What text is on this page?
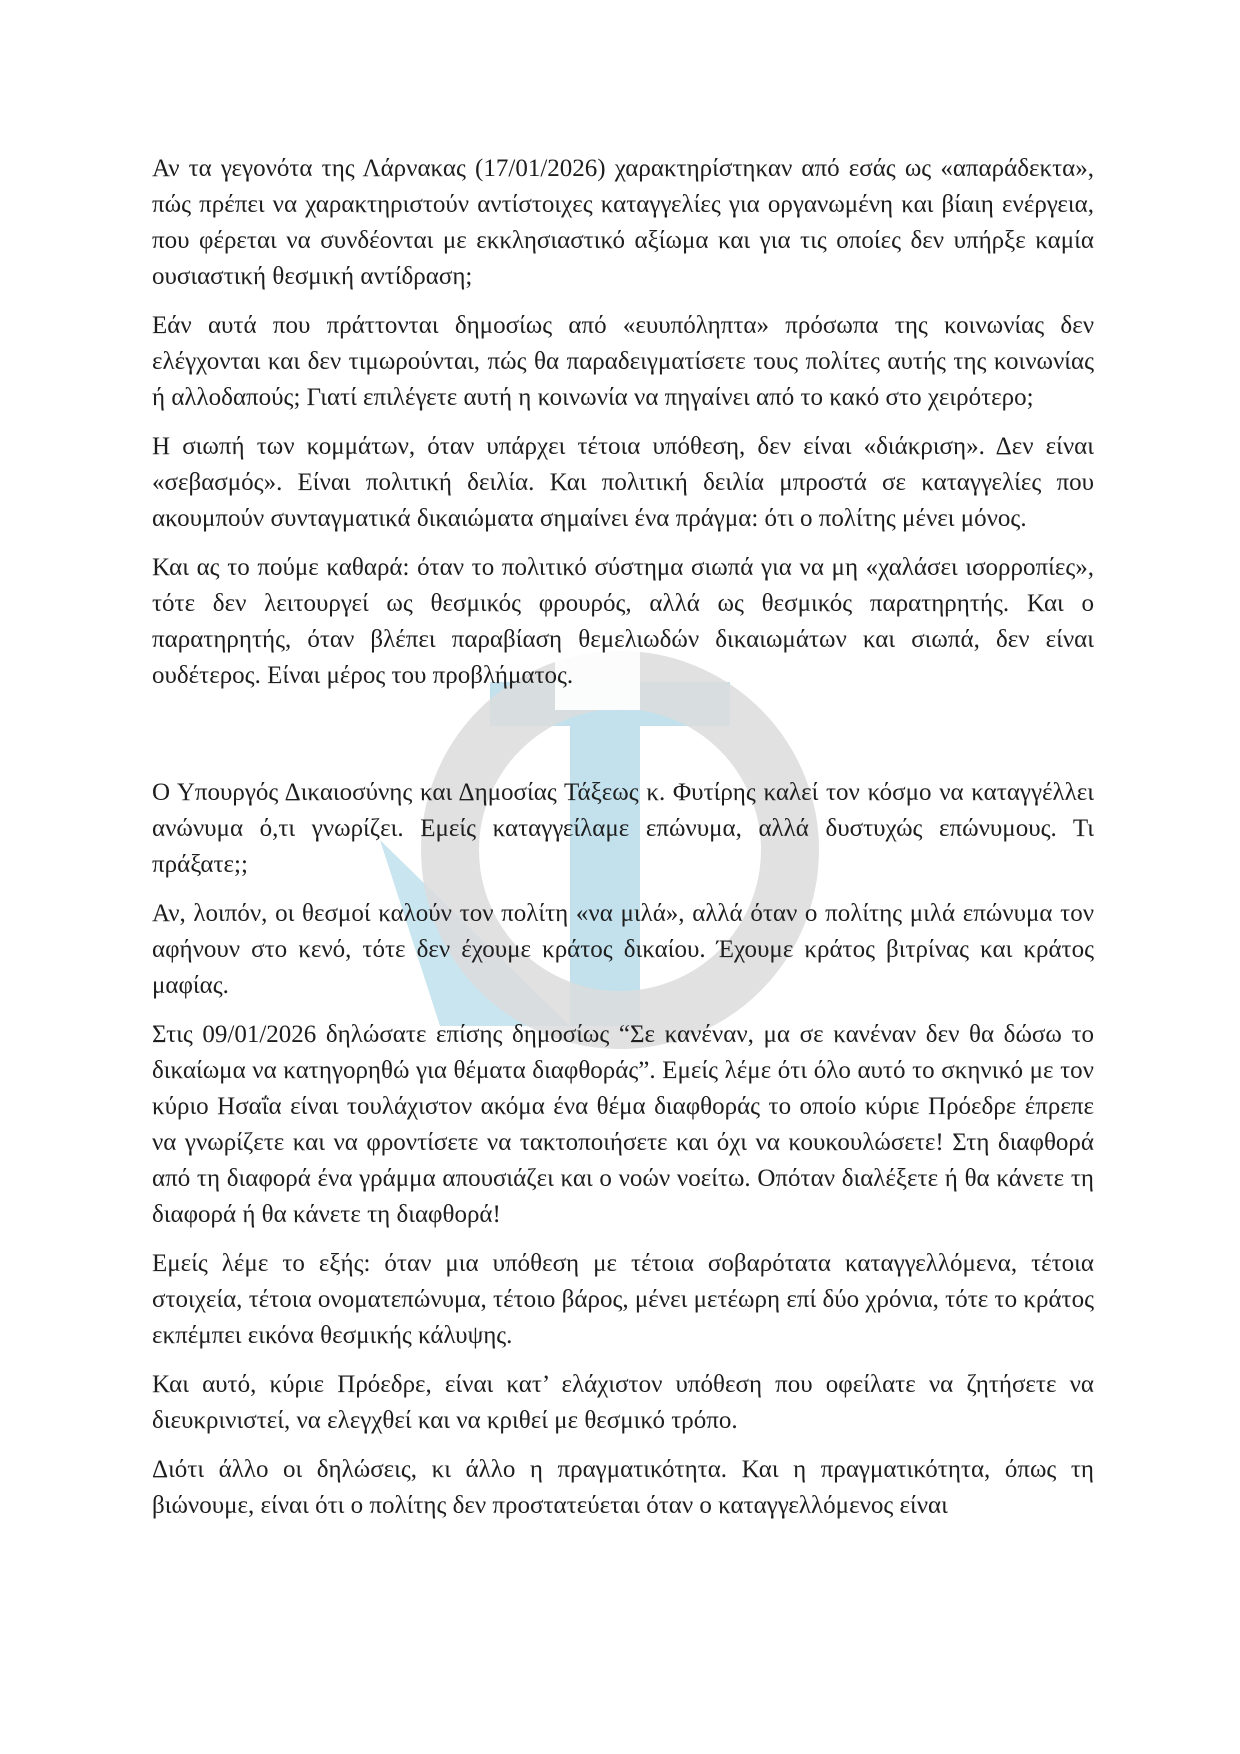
Αν τα γεγονότα της Λάρνακας (17/01/2026) χαρακτηρίστηκαν από εσάς ως «απαράδεκτα», πώς πρέπει να χαρακτηριστούν αντίστοιχες καταγγελίες για οργανωμένη και βίαιη ενέργεια, που φέρεται να συνδέονται με εκκλησιαστικό αξίωμα και για τις οποίες δεν υπήρξε καμία ουσιαστική θεσμική αντίδραση;

Εάν αυτά που πράττονται δημοσίως από «ευυπόληπτα» πρόσωπα της κοινωνίας δεν ελέγχονται και δεν τιμωρούνται, πώς θα παραδειγματίσετε τους πολίτες αυτής της κοινωνίας ή αλλοδαπούς; Γιατί επιλέγετε αυτή η κοινωνία να πηγαίνει από το κακό στο χειρότερο;

Η σιωπή των κομμάτων, όταν υπάρχει τέτοια υπόθεση, δεν είναι «διάκριση». Δεν είναι «σεβασμός». Είναι πολιτική δειλία. Και πολιτική δειλία μπροστά σε καταγγελίες που ακουμπούν συνταγματικά δικαιώματα σημαίνει ένα πράγμα: ότι ο πολίτης μένει μόνος.

Και ας το πούμε καθαρά: όταν το πολιτικό σύστημα σιωπά για να μη «χαλάσει ισορροπίες», τότε δεν λειτουργεί ως θεσμικός φρουρός, αλλά ως θεσμικός παρατηρητής. Και ο παρατηρητής, όταν βλέπει παραβίαση θεμελιωδών δικαιωμάτων και σιωπά, δεν είναι ουδέτερος. Είναι μέρος του προβλήματος.

Ο Υπουργός Δικαιοσύνης και Δημοσίας Τάξεως κ. Φυτίρης καλεί τον κόσμο να καταγγέλλει ανώνυμα ό,τι γνωρίζει. Εμείς καταγγείλαμε επώνυμα, αλλά δυστυχώς επώνυμους. Τι πράξατε;;

Αν, λοιπόν, οι θεσμοί καλούν τον πολίτη «να μιλά», αλλά όταν ο πολίτης μιλά επώνυμα τον αφήνουν στο κενό, τότε δεν έχουμε κράτος δικαίου. Έχουμε κράτος βιτρίνας και κράτος μαφίας.

Στις 09/01/2026 δηλώσατε επίσης δημοσίως “Σε κανέναν, μα σε κανέναν δεν θα δώσω το δικαίωμα να κατηγορηθώ για θέματα διαφθοράς”. Εμείς λέμε ότι όλο αυτό το σκηνικό με τον κύριο Ησαΐα είναι τουλάχιστον ακόμα ένα θέμα διαφθοράς το οποίο κύριε Πρόεδρε έπρεπε να γνωρίζετε και να φροντίσετε να τακτοποιήσετε και όχι να κουκουλώσετε! Στη διαφθορά από τη διαφορά ένα γράμμα απουσιάζει και ο νοών νοείτω. Οπόταν διαλέξετε ή θα κάνετε τη διαφορά ή θα κάνετε τη διαφθορά!

Εμείς λέμε το εξής: όταν μια υπόθεση με τέτοια σοβαρότατα καταγγελλόμενα, τέτοια στοιχεία, τέτοια ονοματεπώνυμα, τέτοιο βάρος, μένει μετέωρη επί δύο χρόνια, τότε το κράτος εκπέμπει εικόνα θεσμικής κάλυψης.

Και αυτό, κύριε Πρόεδρε, είναι κατ’ ελάχιστον υπόθεση που οφείλατε να ζητήσετε να διευκρινιστεί, να ελεγχθεί και να κριθεί με θεσμικό τρόπο.

Διότι άλλο οι δηλώσεις, κι άλλο η πραγματικότητα. Και η πραγματικότητα, όπως τη βιώνουμε, είναι ότι ο πολίτης δεν προστατεύεται όταν ο καταγγελλόμενος είναι
